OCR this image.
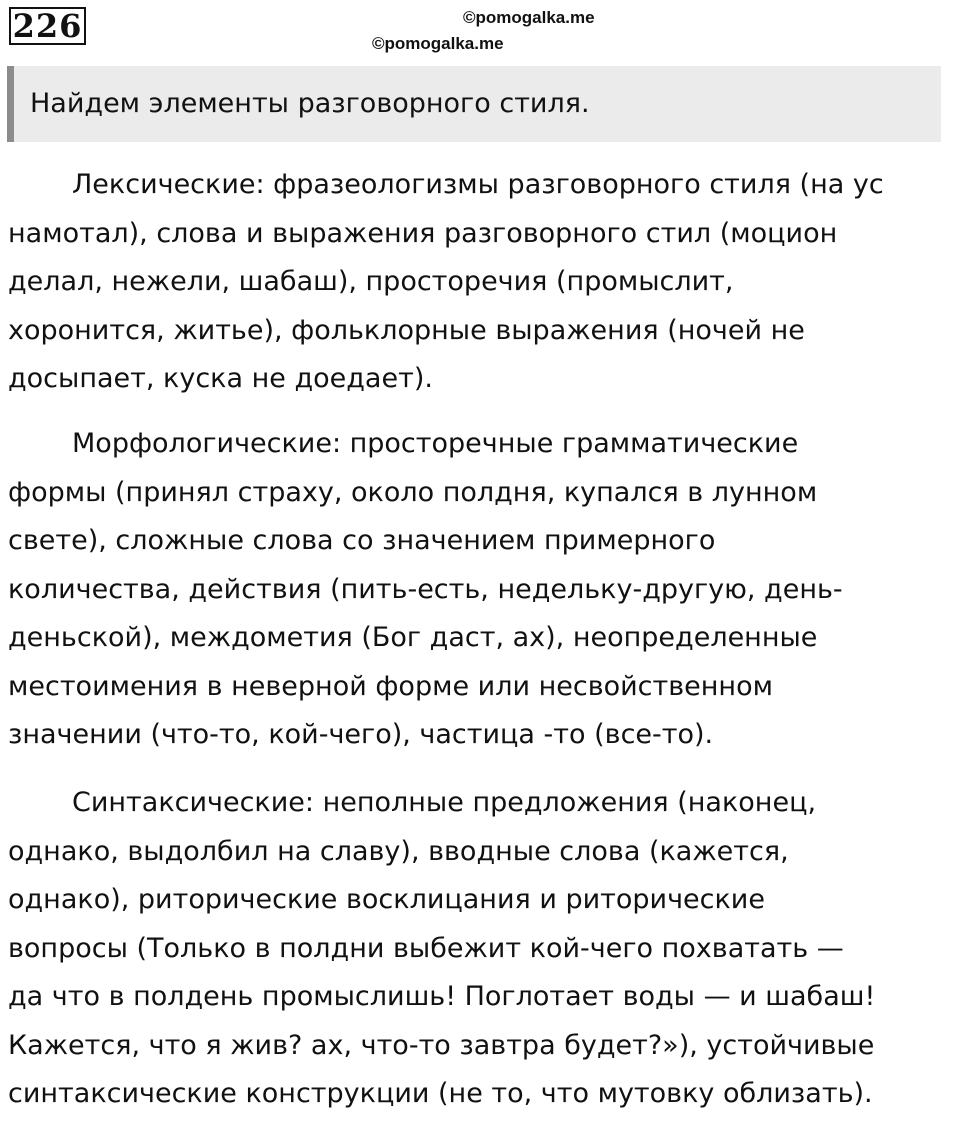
226	©pomogalka.me
©pomogalka.me
Найдем элементы разговорного стиля.
Лексические: фразеологизмы разговорного стиля (на ус
намотал), слова и выражения разговорного стил (моцион
делал, нежели, шабаш), просторечия (промыслит,
хоронится, житье), фольклорные выражения (ночей не
досыпает, куска не доедает).
Морфологические: просторечные грамматические
формы (принял страху, около полдня, купался в лунном
свете), сложные слова со значением примерного
количества, действия (пить-есть, недельку-другую, день-
деньской), междометия (Бог даст, ах), неопределенные
местоимения в неверной форме или несвойственном
значении (что-то, кой-чего), частица -то (все-то).
Синтаксические: неполные предложения (наконец,
однако, выдолбил на славу), вводные слова (кажется,
однако), риторические восклицания и риторические
вопросы (Только в полдни выбежит кой-чего похватать —
да что в полдень промыслишь! Поглотает воды — и шабаш!
Кажется, что я жив? ах, что-то завтра будет?»), устойчивые
синтаксические конструкции (не то, что мутовку облизать).
